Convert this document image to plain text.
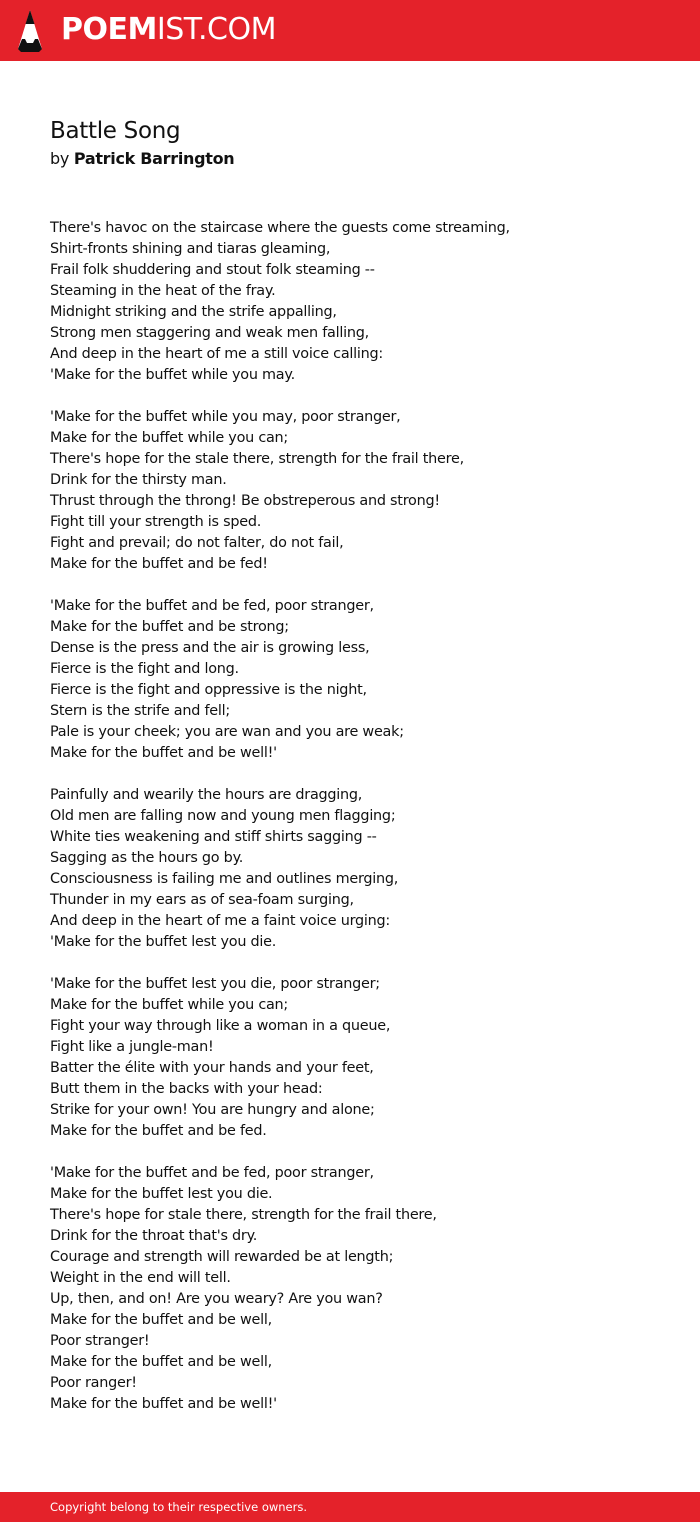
POEMIST.COM
Battle Song

by Patrick Barrington

There's havoc on the staircase where the guests come streaming,
Shirt-fronts shining and tiaras gleaming,
Frail folk shuddering and stout folk steaming --
Steaming in the heat of the fray.
Midnight striking and the strife appalling,
Strong men staggering and weak men falling,
And deep in the heart of me a still voice calling:
'Make for the buffet while you may.
'Make for the buffet while you may, poor stranger,
Make for the buffet while you can;
There's hope for the stale there, strength for the frail there,
Drink for the thirsty man.
Thrust through the throng! Be obstreperous and strong!
Fight till your strength is sped.
Fight and prevail; do not falter, do not fail,
Make for the buffet and be fed!
'Make for the buffet and be fed, poor stranger,
Make for the buffet and be strong;
Dense is the press and the air is growing less,
Fierce is the fight and long.
Fierce is the fight and oppressive is the night,
Stern is the strife and fell;
Pale is your cheek; you are wan and you are weak;
Make for the buffet and be well!'
Painfully and wearily the hours are dragging,
Old men are falling now and young men flagging;
White ties weakening and stiff shirts sagging --
Sagging as the hours go by.
Consciousness is failing me and outlines merging,
Thunder in my ears as of sea-foam surging,
And deep in the heart of me a faint voice urging:
'Make for the buffet lest you die.
'Make for the buffet lest you die, poor stranger;
Make for the buffet while you can;
Fight your way through like a woman in a queue,
Fight like a jungle-man!
Batter the élite with your hands and your feet,
Butt them in the backs with your head:
Strike for your own! You are hungry and alone;
Make for the buffet and be fed.
'Make for the buffet and be fed, poor stranger,
Make for the buffet lest you die.
There's hope for stale there, strength for the frail there,
Drink for the throat that's dry.
Courage and strength will rewarded be at length;
Weight in the end will tell.
Up, then, and on! Are you weary? Are you wan?
Make for the buffet and be well,
Poor stranger!
Make for the buffet and be well,
Poor ranger!
Make for the buffet and be well!'
Copyright belong to their respective owners.
